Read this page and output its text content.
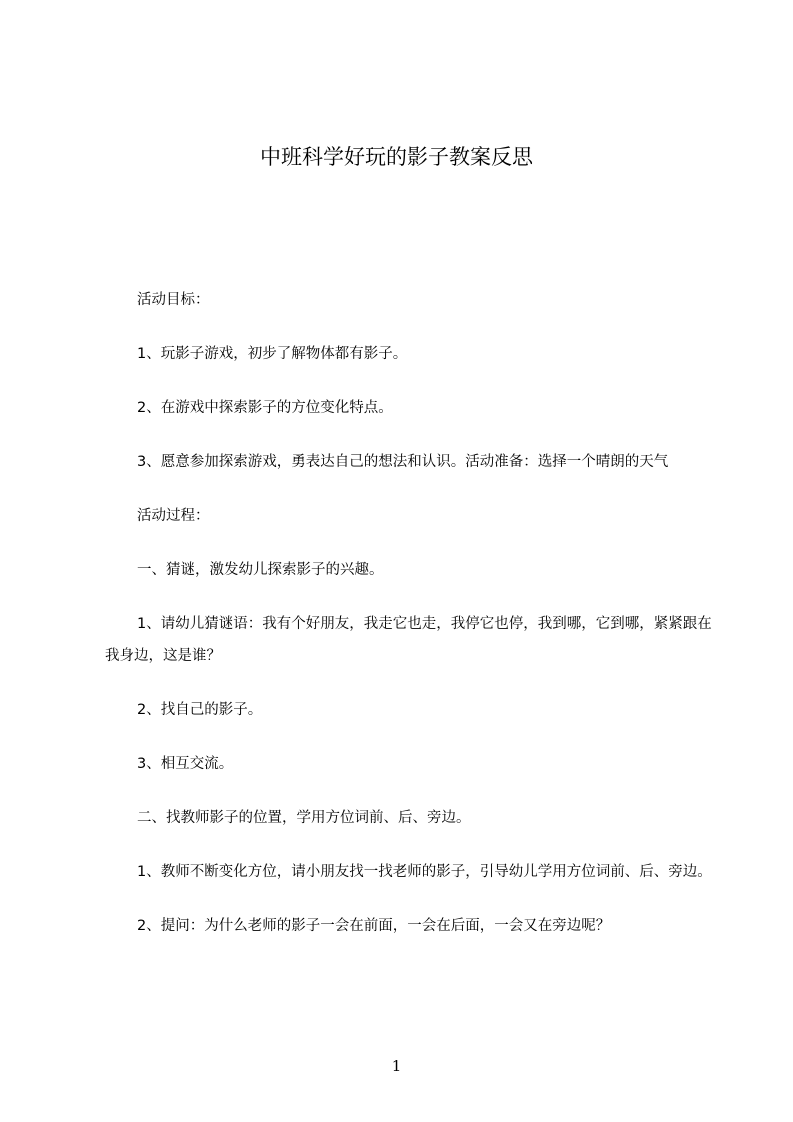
中班科学好玩的影子教案反思

活动目标：

1、玩影子游戏，初步了解物体都有影子。

2、在游戏中探索影子的方位变化特点。

3、愿意参加探索游戏，勇表达自己的想法和认识。活动准备：选择一个晴朗的天气

活动过程：

一、猜谜，激发幼儿探索影子的兴趣。

1、请幼儿猜谜语：我有个好朋友，我走它也走，我停它也停，我到哪，它到哪，紧紧跟在我身边，这是谁？

2、找自己的影子。

3、相互交流。

二、找教师影子的位置，学用方位词前、后、旁边。

1、教师不断变化方位，请小朋友找一找老师的影子，引导幼儿学用方位词前、后、旁边。

2、提问：为什么老师的影子一会在前面，一会在后面，一会又在旁边呢？

1
